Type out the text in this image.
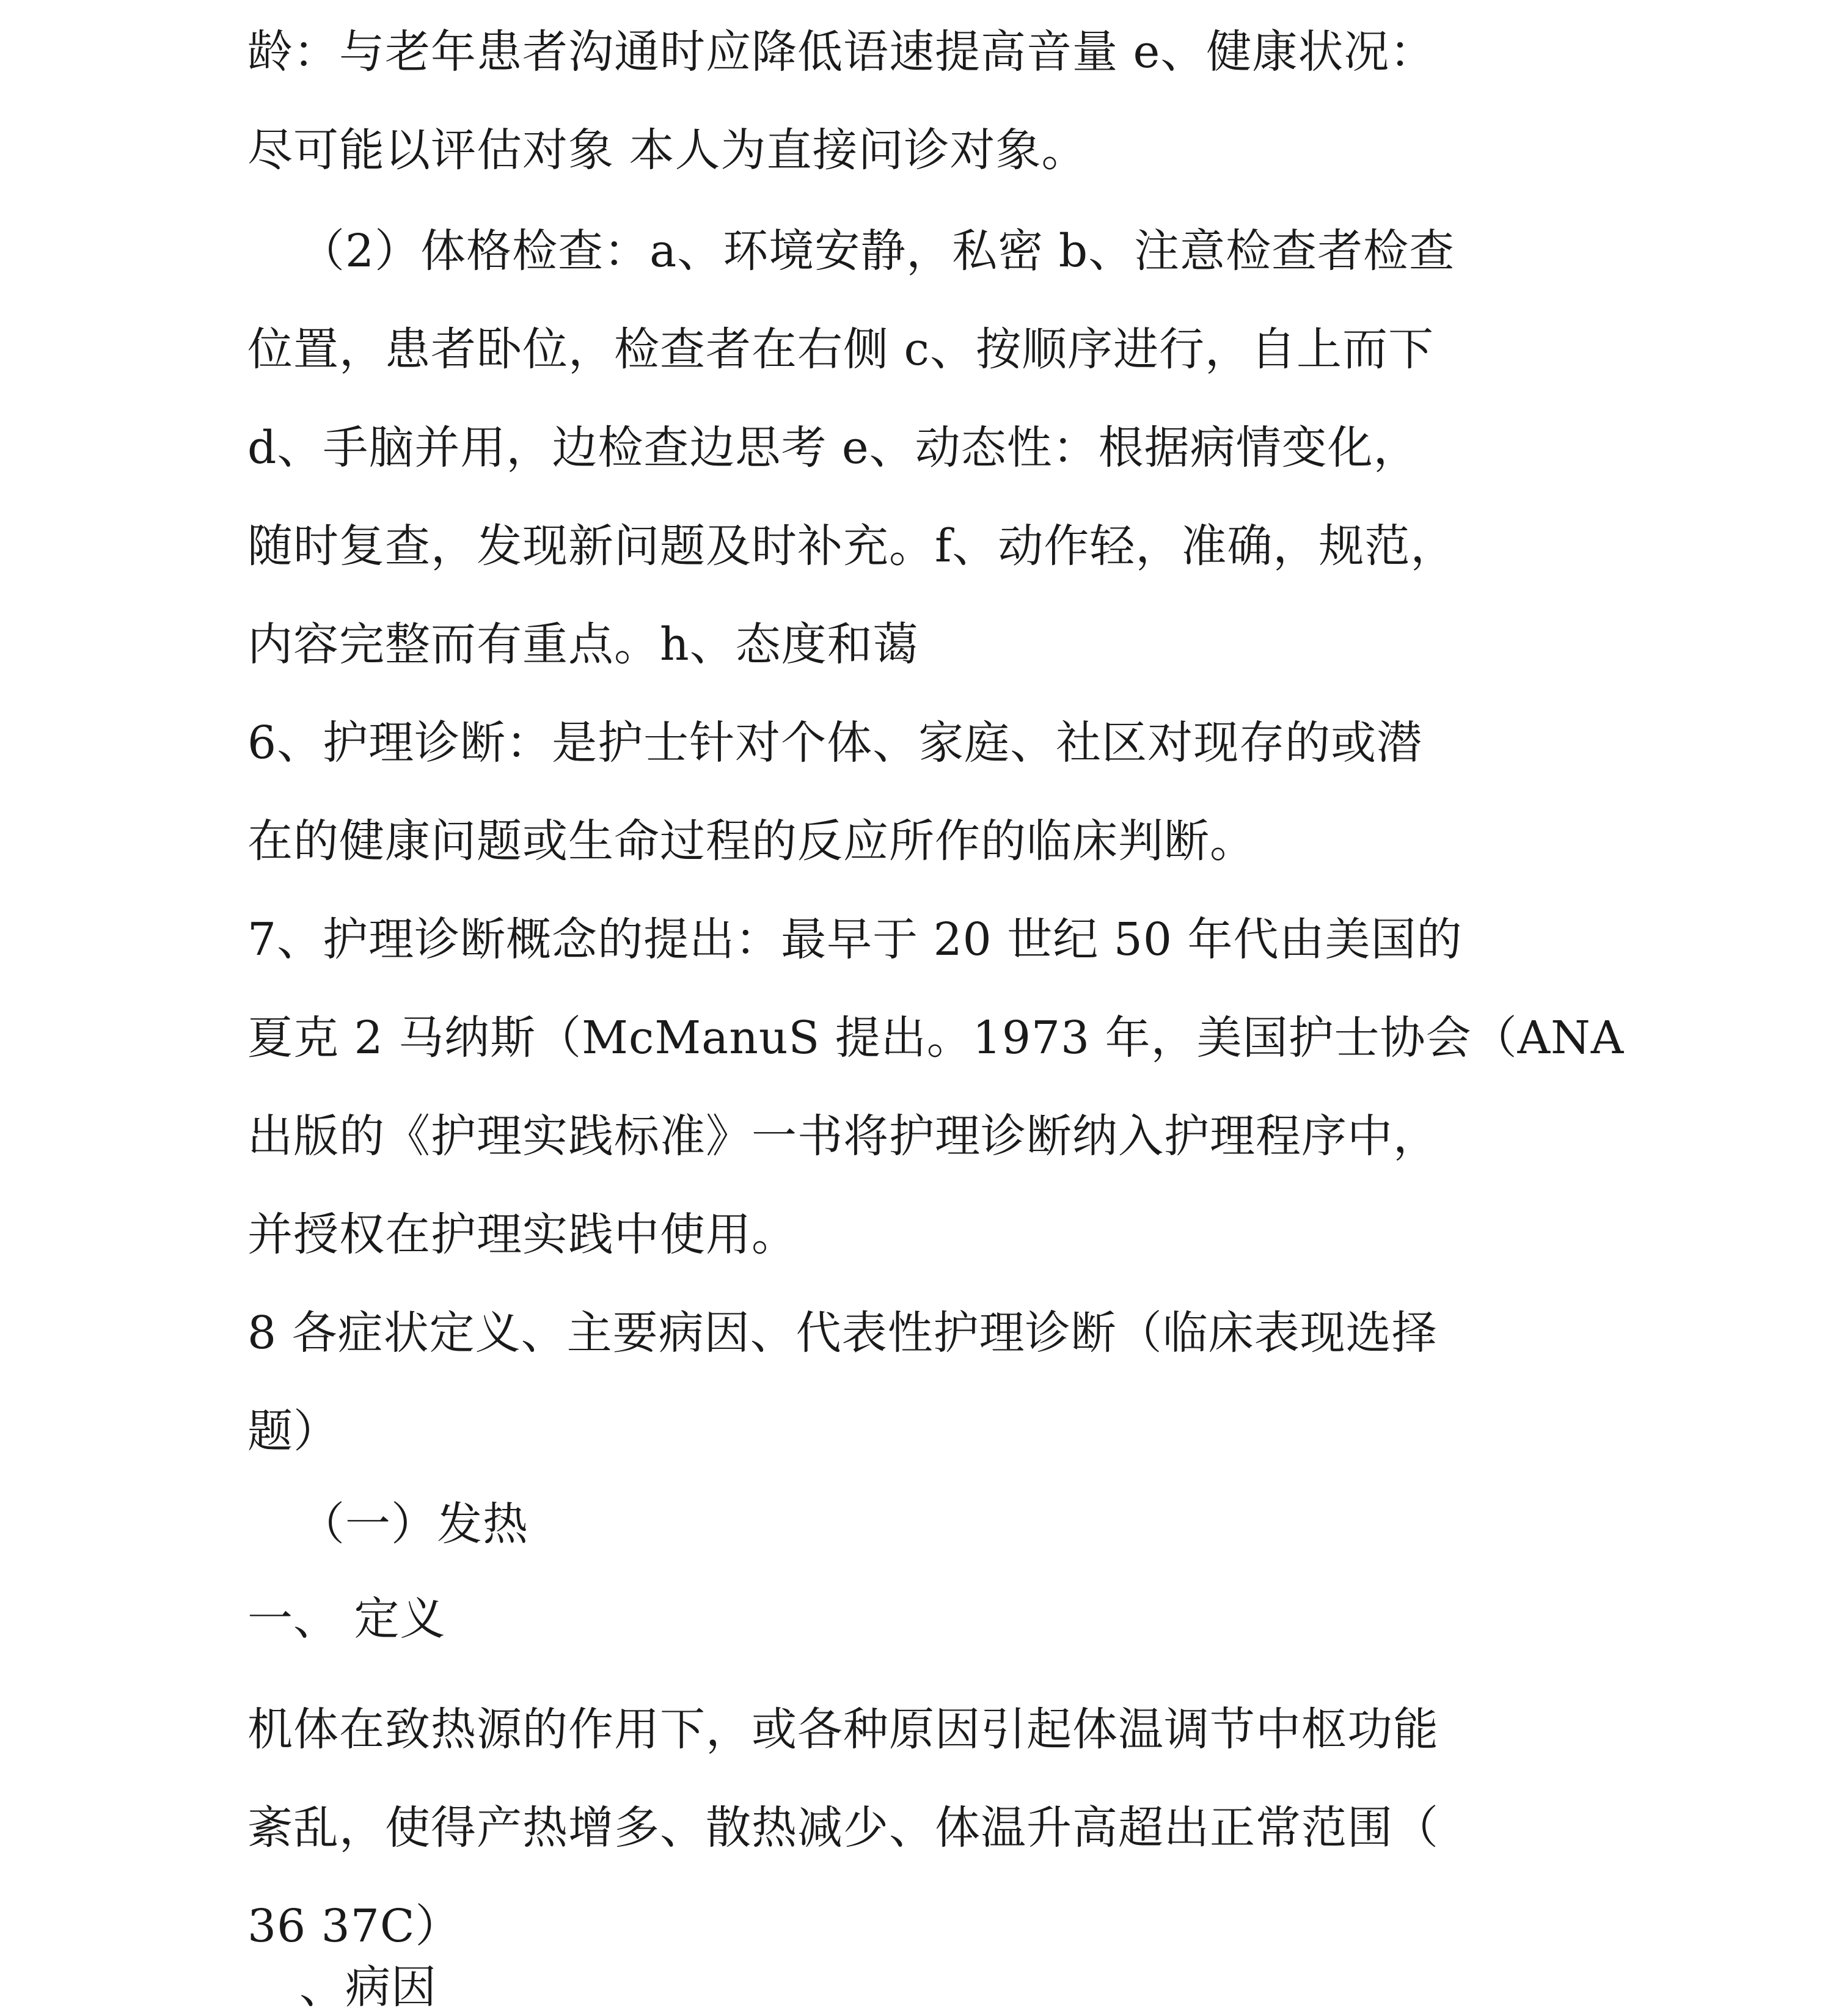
龄：与老年患者沟通时应降低语速提高音量 e、健康状况：
尽可能以评估对象 本人为直接问诊对象。
（2）体格检查：a、环境安静，私密 b、注意检查者检查
位置，患者卧位，检查者在右侧 c、按顺序进行，自上而下
d、手脑并用，边检查边思考 e、动态性：根据病情变化，
随时复查，发现新问题及时补充。f、动作轻，准确，规范，
内容完整而有重点。h、态度和蔼
6、护理诊断：是护士针对个体、家庭、社区对现存的或潜
在的健康问题或生命过程的反应所作的临床判断。
7、护理诊断概念的提出：最早于 20 世纪 50 年代由美国的
夏克 2 马纳斯（McManuS 提出。1973 年，美国护士协会（ANA
出版的《护理实践标准》一书将护理诊断纳入护理程序中，
并授权在护理实践中使用。
8 各症状定义、主要病因、代表性护理诊断（临床表现选择
题）
（一）发热
一、 定义
机体在致热源的作用下，或各种原因引起体温调节中枢功能
紊乱，使得产热增多、散热减少、体温升高超出正常范围（
36 37C）
、病因
